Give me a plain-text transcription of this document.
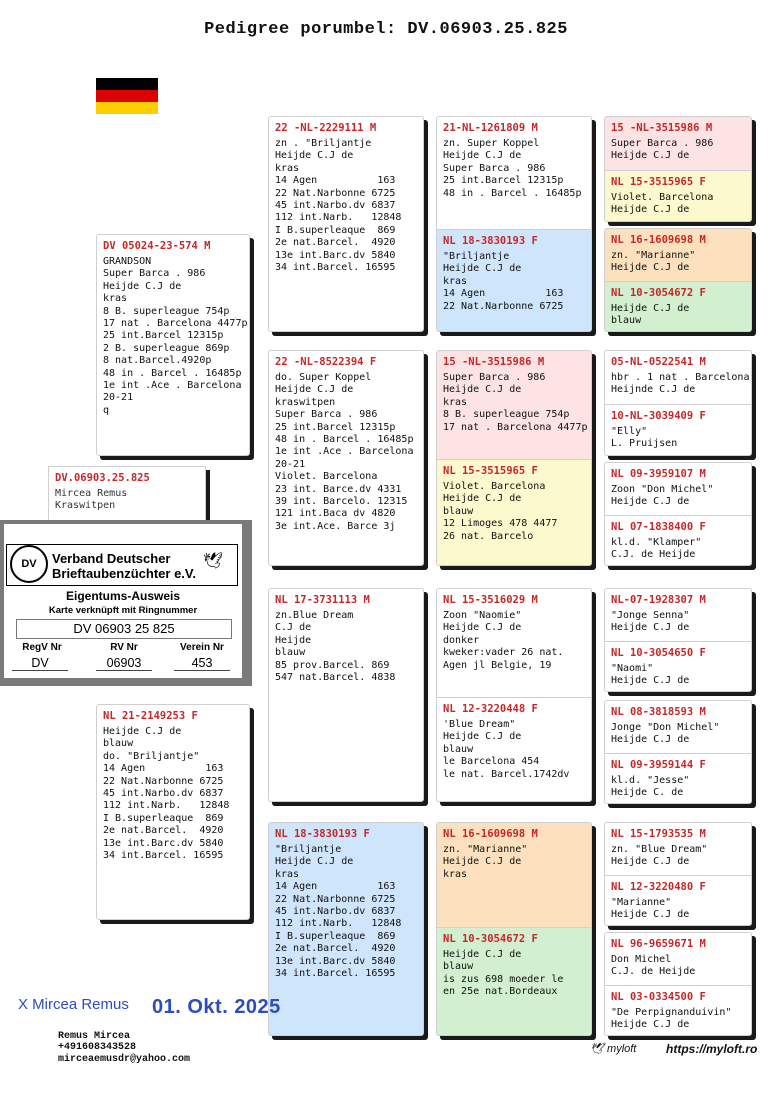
Pedigree porumbel: DV.06903.25.825
DV 05024-23-574 M
GRANDSON
Super Barca . 986
Heijde C.J de
kras
8 B. superleague 754p
17 nat . Barcelona 4477p
25 int.Barcel 12315p
2 B. superleague 869p
8 nat.Barcel.4920p
48 in . Barcel . 16485p
1e int .Ace . Barcelona
20-21
q
NL 21-2149253 F
Heijde C.J de
blauw
do. "Briljantje"
14 Agen          163
22 Nat.Narbonne 6725
45 int.Narbo.dv 6837
112 int.Narb.   12848
I B.superleaque  869
2e nat.Barcel.  4920
13e int.Barc.dv 5840
34 int.Barcel. 16595
DV.06903.25.825
Mircea Remus
Kraswitpen
DV	Verband Deutscher
Brieftaubenzüchter e.V.
🕊
Eigentums-Ausweis
Karte verknüpft mit Ringnummer
DV 06903 25 825
RegV Nr	RV Nr	Verein Nr
DV	06903	453
22 -NL-2229111 M
zn . "Briljantje
Heijde C.J de
kras
14 Agen          163
22 Nat.Narbonne 6725
45 int.Narbo.dv 6837
112 int.Narb.   12848
I B.superleaque  869
2e nat.Barcel.  4920
13e int.Barc.dv 5840
34 int.Barcel. 16595
22 -NL-8522394 F
do. Super Koppel
Heijde C.J de
kraswitpen
Super Barca . 986
25 int.Barcel 12315p
48 in . Barcel . 16485p
1e int .Ace . Barcelona
20-21
Violet. Barcelona
23 int. Barce.dv 4331
39 int. Barcelo. 12315
121 int.Baca dv 4820
3e int.Ace. Barce 3j
NL 17-3731113 M
zn.Blue Dream
C.J de
Heijde
blauw
85 prov.Barcel. 869
547 nat.Barcel. 4838
NL 18-3830193 F
"Briljantje
Heijde C.J de
kras
14 Agen          163
22 Nat.Narbonne 6725
45 int.Narbo.dv 6837
112 int.Narb.   12848
I B.superleaque  869
2e nat.Barcel.  4920
13e int.Barc.dv 5840
34 int.Barcel. 16595
21-NL-1261809 M
zn. Super Koppel
Heijde C.J de
Super Barca . 986
25 int.Barcel 12315p
48 in . Barcel . 16485p
NL 18-3830193 F
"Briljantje
Heijde C.J de
kras
14 Agen          163
22 Nat.Narbonne 6725
15 -NL-3515986 M
Super Barca . 986
Heijde C.J de
kras
8 B. superleague 754p
17 nat . Barcelona 4477p
NL 15-3515965 F
Violet. Barcelona
Heijde C.J de
blauw
12 Limoges 478 4477
26 nat. Barcelo
NL 15-3516029 M
Zoon "Naomie"
Heijde C.J de
donker
kweker:vader 26 nat.
Agen jl Belgie, 19
NL 12-3220448 F
'Blue Dream"
Heijde C.J de
blauw
le Barcelona 454
le nat. Barcel.1742dv
NL 16-1609698 M
zn. "Marianne"
Heijde C.J de
kras
NL 10-3054672 F
Heijde C.J de
blauw
is zus 698 moeder le
en 25e nat.Bordeaux
15 -NL-3515986 M
Super Barca . 986
Heijde C.J de
NL 15-3515965 F
Violet. Barcelona
Heijde C.J de
NL 16-1609698 M
zn. "Marianne"
Heijde C.J de
NL 10-3054672 F
Heijde C.J de
blauw
05-NL-0522541 M
hbr . 1 nat . Barcelona
Heijnde C.J de
10-NL-3039409 F
"Elly"
L. Pruijsen
NL 09-3959107 M
Zoon "Don Michel"
Heijde C.J de
NL 07-1838400 F
kl.d. "Klamper"
C.J. de Heijde
NL-07-1928307 M
"Jonge Senna"
Heijde C.J de
NL 10-3054650 F
"Naomi"
Heijde C.J de
NL 08-3818593 M
Jonge "Don Michel"
Heijde C.J de
NL 09-3959144 F
kl.d. "Jesse"
Heijde C. de
NL 15-1793535 M
zn. "Blue Dream"
Heijde C.J de
NL 12-3220480 F
"Marianne"
Heijde C.J de
NL 96-9659671 M
Don Michel
C.J. de Heijde
NL 03-0334500 F
"De Perpignanduivin"
Heijde C.J de
X Mircea Remus 01. Okt. 2025
Remus Mircea
+491608343528
mirceaemusdr@yahoo.com
🕊 myloft https://myloft.ro
